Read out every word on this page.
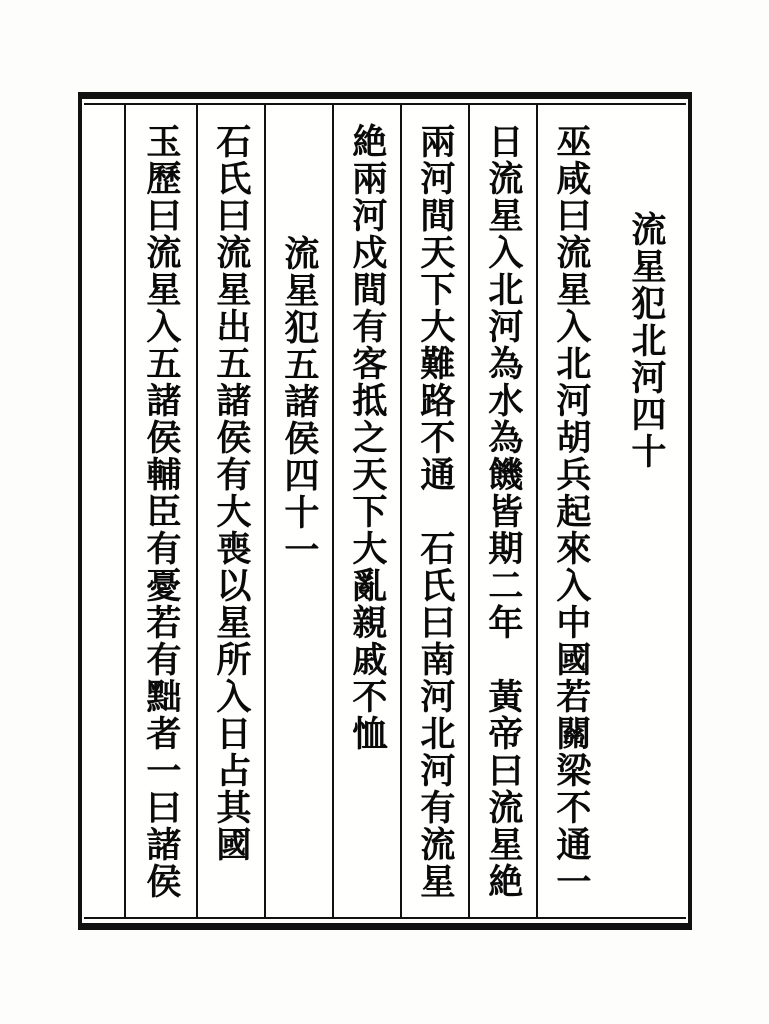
流星犯北河四十
巫咸曰流星入北河胡兵起來入中國若關梁不通一
日流星入北河為水為饑皆期二年　黃帝曰流星絶
兩河間天下大難路不通　石氏曰南河北河有流星
絶兩河戍間有客抵之天下大亂親戚不恤
流星犯五諸侯四十一
石氏曰流星出五諸侯有大喪以星所入日占其國
玉歷曰流星入五諸侯輔臣有憂若有黜者一曰諸侯
